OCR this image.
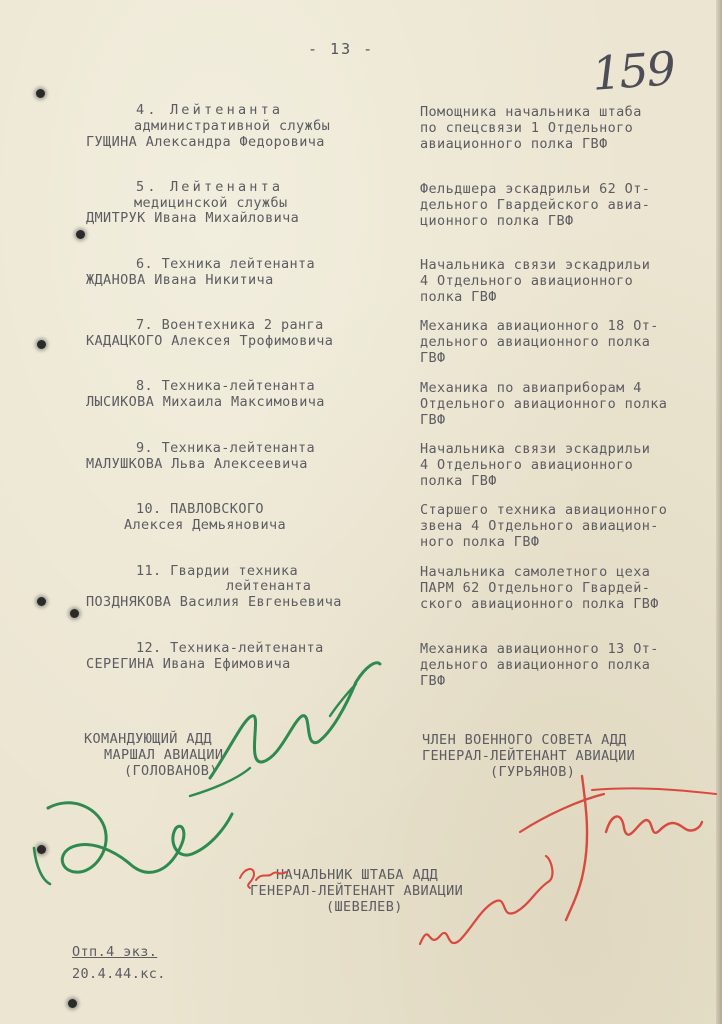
- 13 -	159
4. Лейтенанта
административной службы
ГУЩИНА Александра Федоровича
Помощника начальника штаба
по спецсвязи 1 Отдельного
авиационного полка ГВФ
5. Лейтенанта
медицинской службы
ДМИТРУК Ивана Михайловича
Фельдшера эскадрильи 62 От-
дельного Гвардейского авиа-
ционного полка ГВФ
6. Техника лейтенанта
ЖДАНОВА Ивана Никитича
Начальника связи эскадрильи
4 Отдельного авиационного
полка ГВФ
7. Воентехника 2 ранга
КАДАЦКОГО Алексея Трофимовича
Механика авиационного 18 От-
дельного авиационного полка
ГВФ
8. Техника-лейтенанта
ЛЫСИКОВА Михаила Максимовича
Механика по авиаприборам 4
Отдельного авиационного полка
ГВФ
9. Техника-лейтенанта
МАЛУШКОВА Льва Алексеевича
Начальника связи эскадрильи
4 Отдельного авиационного
полка ГВФ
10. ПАВЛОВСКОГО
Алексея Демьяновича
Старшего техника авиационного
звена 4 Отдельного авиацион-
ного полка ГВФ
11. Гвардии техника
лейтенанта
ПОЗДНЯКОВА Василия Евгеньевича
Начальника самолетного цеха
ПАРМ 62 Отдельного Гвардей-
ского авиационного полка ГВФ
12. Техника-лейтенанта
СЕРЕГИНА Ивана Ефимовича
Механика авиационного 13 От-
дельного авиационного полка
ГВФ
КОМАНДУЮЩИЙ АДД
МАРШАЛ АВИАЦИИ
(ГОЛОВАНОВ)
ЧЛЕН ВОЕННОГО СОВЕТА АДД
ГЕНЕРАЛ-ЛЕЙТЕНАНТ АВИАЦИИ
(ГУРЬЯНОВ)
НАЧАЛЬНИК ШТАБА АДД
ГЕНЕРАЛ-ЛЕЙТЕНАНТ АВИАЦИИ
(ШЕВЕЛЕВ)
Отп.4 экз.
20.4.44.кс.
